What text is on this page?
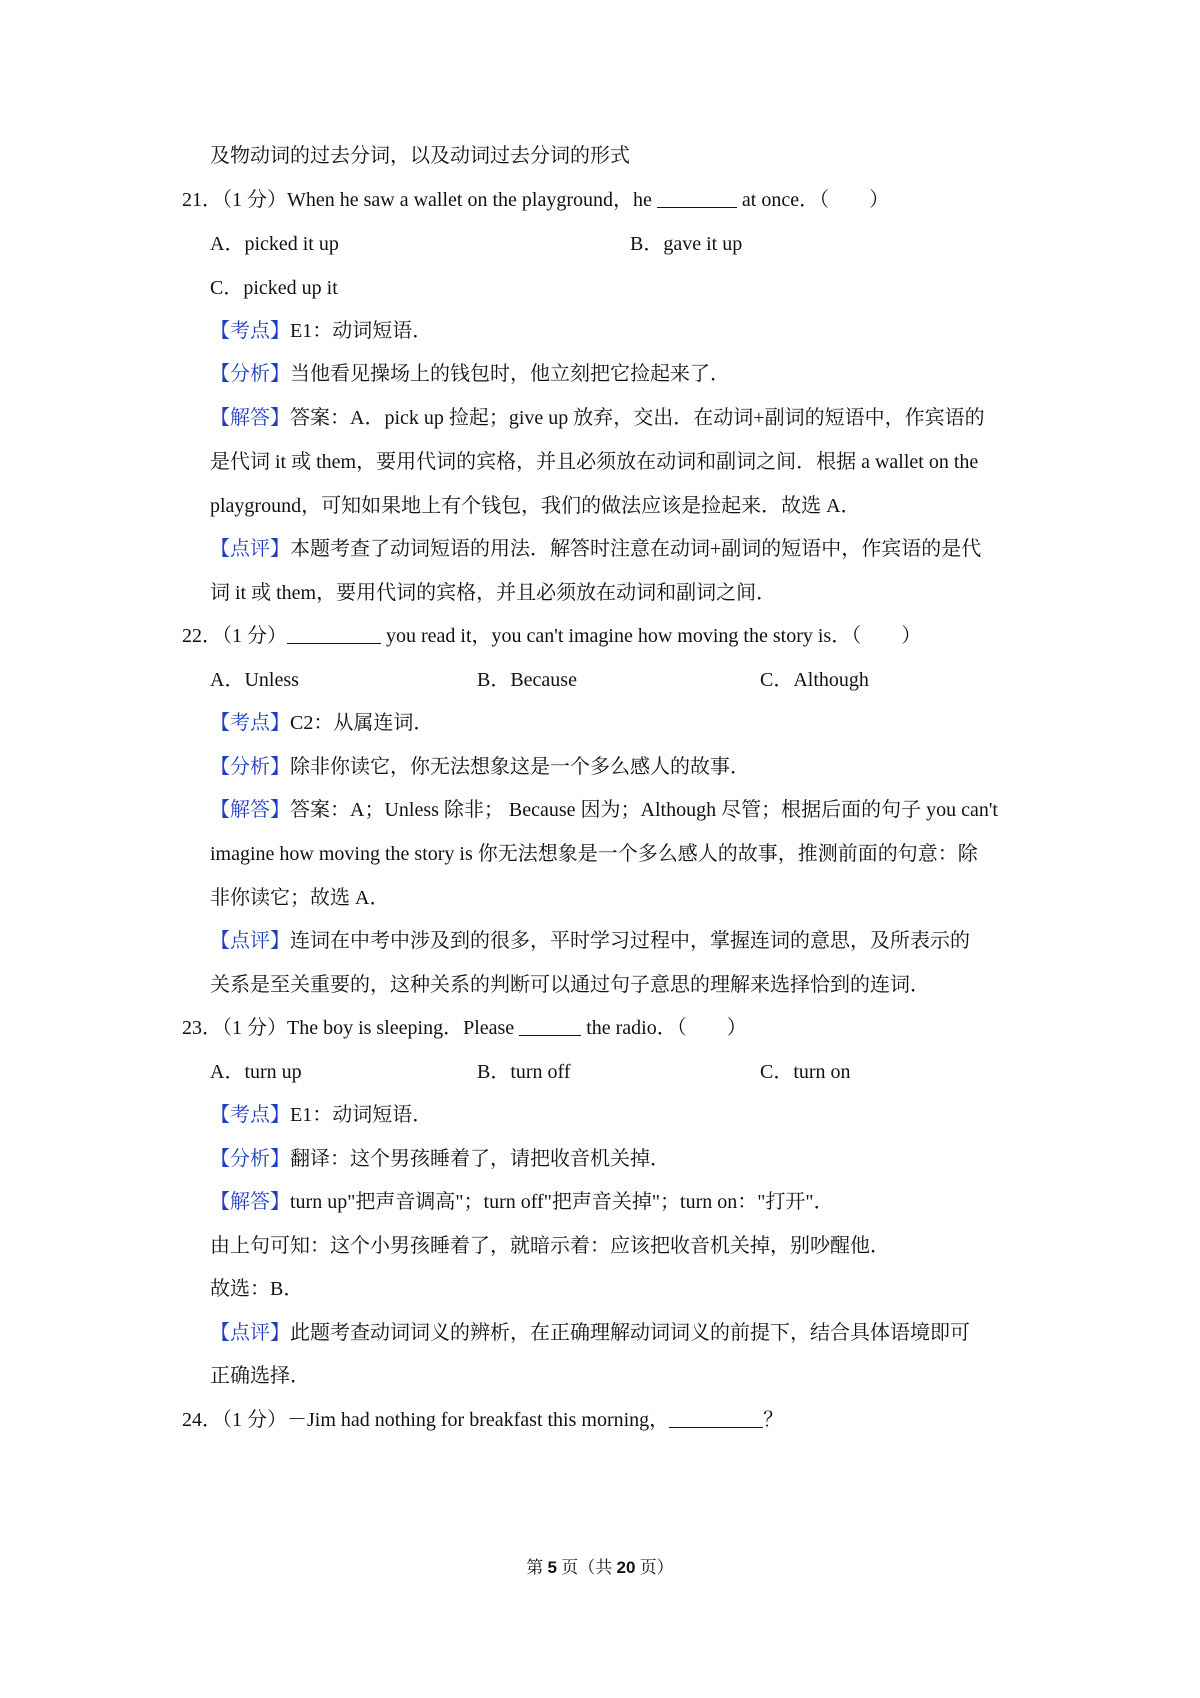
及物动词的过去分词，以及动词过去分词的形式
21．（1 分）When he saw a wallet on the playground，he	at once．（　　）
A．picked it up	B．gave it up
C．picked up it
【考点】E1：动词短语．
【分析】当他看见操场上的钱包时，他立刻把它捡起来了．
【解答】答案：A．pick up 捡起；give up 放弃，交出．在动词+副词的短语中，作宾语的
是代词 it 或 them，要用代词的宾格，并且必须放在动词和副词之间．根据 a wallet on the
playground，可知如果地上有个钱包，我们的做法应该是捡起来．故选 A．
【点评】本题考查了动词短语的用法．解答时注意在动词+副词的短语中，作宾语的是代
词 it 或 them，要用代词的宾格，并且必须放在动词和副词之间．
22．（1 分）	you read it，you can't imagine how moving the story is．（　　）
A．Unless	B．Because	C．Although
【考点】C2：从属连词．
【分析】除非你读它，你无法想象这是一个多么感人的故事．
【解答】答案：A；Unless 除非； Because 因为；Although 尽管；根据后面的句子 you can't
imagine how moving the story is 你无法想象是一个多么感人的故事，推测前面的句意：除
非你读它；故选 A．
【点评】连词在中考中涉及到的很多，平时学习过程中，掌握连词的意思，及所表示的
关系是至关重要的，这种关系的判断可以通过句子意思的理解来选择恰到的连词．
23．（1 分）The boy is sleeping．Please	the radio．（　　）
A．turn up	B．turn off	C．turn on
【考点】E1：动词短语．
【分析】翻译：这个男孩睡着了，请把收音机关掉．
【解答】turn up"把声音调高"；turn off"把声音关掉"；turn on："打开"．
由上句可知：这个小男孩睡着了，就暗示着：应该把收音机关掉，别吵醒他．
故选：B．
【点评】此题考查动词词义的辨析，在正确理解动词词义的前提下，结合具体语境即可
正确选择．
24．（1 分）－Jim had nothing for breakfast this morning，	？
第 5 页（共 20 页）
